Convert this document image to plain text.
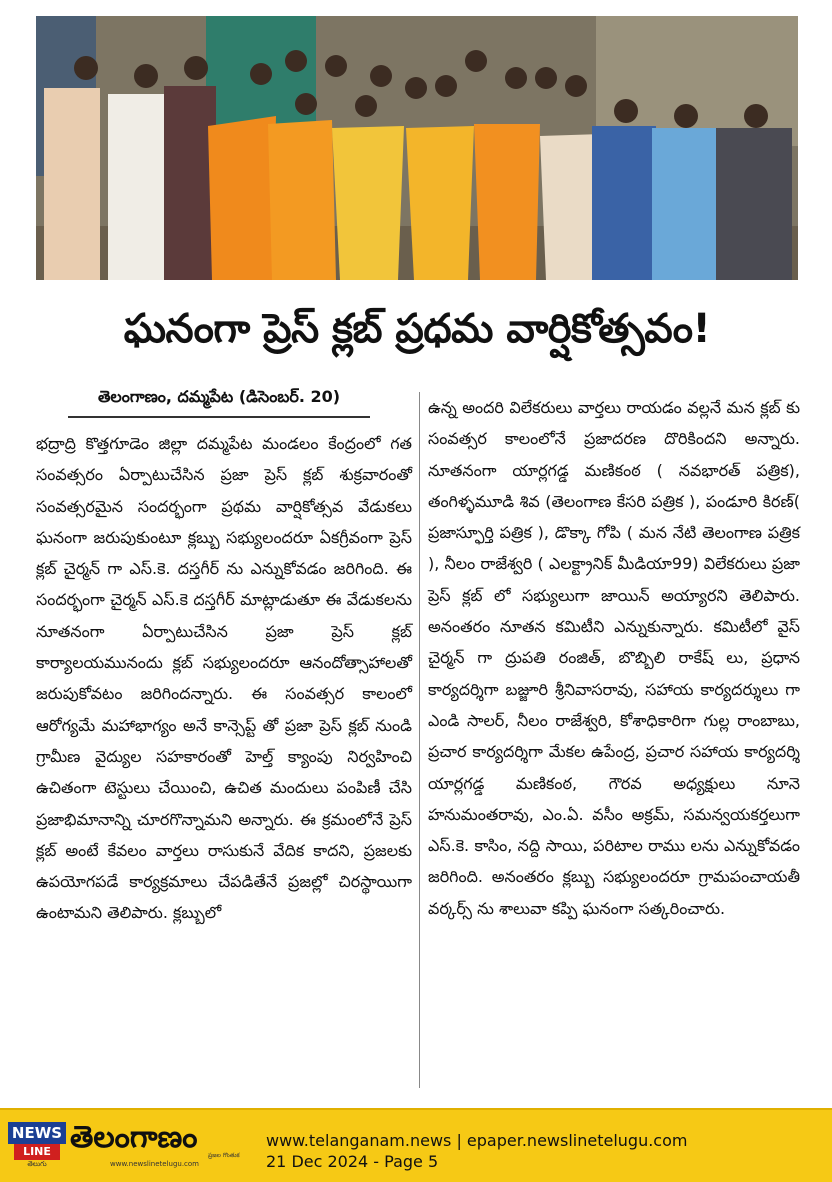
ఘనంగా ప్రెస్ క్లబ్ ప్రధమ వార్షికోత్సవం!
తెలంగాణం, దమ్మపేట (డిసెంబర్. 20)

భద్రాద్రి కొత్తగూడెం జిల్లా దమ్మపేట మండలం కేంద్రంలో గత సంవత్సరం ఏర్పాటుచేసిన ప్రజా ప్రెస్ క్లబ్ శుక్రవారంతో సంవత్సరమైన సందర్భంగా ప్రథమ వార్షికోత్సవ వేడుకలు ఘనంగా జరుపుకుంటూ క్లబ్బు సభ్యులందరూ ఏకగ్రీవంగా ప్రెస్ క్లబ్ చైర్మన్ గా ఎస్.కె. దస్తగీర్ ను ఎన్నుకోవడం జరిగింది. ఈ సందర్భంగా చైర్మన్ ఎస్.కె దస్తగీర్ మాట్లాడుతూ ఈ వేడుకలను నూతనంగా ఏర్పాటుచేసిన ప్రజా ప్రెస్ క్లబ్ కార్యాలయమునందు క్లబ్ సభ్యులందరూ ఆనందోత్సాహాలతో జరుపుకోవటం జరిగిందన్నారు. ఈ సంవత్సర కాలంలో ఆరోగ్యమే మహాభాగ్యం అనే కాన్సెప్ట్ తో ప్రజా ప్రెస్ క్లబ్ నుండి గ్రామీణ వైద్యుల సహకారంతో హెల్త్ క్యాంపు నిర్వహించి ఉచితంగా టెస్టులు చేయించి, ఉచిత మందులు పంపిణీ చేసి ప్రజాభిమానాన్ని చూరగొన్నామని అన్నారు. ఈ క్రమంలోనే ప్రెస్ క్లబ్ అంటే కేవలం వార్తలు రాసుకునే వేదిక కాదని, ప్రజలకు ఉపయోగపడే కార్యక్రమాలు చేపడితేనే ప్రజల్లో చిరస్థాయిగా ఉంటామని తెలిపారు. క్లబ్బులో

ఉన్న అందరి విలేకరులు వార్తలు రాయడం వల్లనే మన క్లబ్ కు సంవత్సర కాలంలోనే ప్రజాదరణ దొరికిందని అన్నారు. నూతనంగా యార్లగడ్డ మణికంఠ ( నవభారత్ పత్రిక), తంగిళ్ళమూడి శివ (తెలంగాణ కేసరి పత్రిక ), పండూరి కిరణ్( ప్రజాస్ఫూర్తి పత్రిక ), డొక్కా గోపి ( మన నేటి తెలంగాణ పత్రిక ), నీలం రాజేశ్వరి ( ఎలక్ట్రానిక్ మీడియా99) విలేకరులు ప్రజా ప్రెస్ క్లబ్ లో సభ్యులుగా జాయిన్ అయ్యారని తెలిపారు. అనంతరం నూతన కమిటీని ఎన్నుకున్నారు. కమిటీలో వైస్ చైర్మన్ గా ద్రుపతి రంజిత్, బొబ్బిలి రాకేష్ లు, ప్రధాన కార్యదర్శిగా బజ్జూరి శ్రీనివాసరావు, సహాయ కార్యదర్శులు గా ఎండి సాలర్, నీలం రాజేశ్వరి, కోశాధికారిగా గుల్ల రాంబాబు, ప్రచార కార్యదర్శిగా మేకల ఉపేంద్ర, ప్రచార సహాయ కార్యదర్శి యార్లగడ్డ మణికంఠ, గౌరవ అధ్యక్షులు నూనె హనుమంతరావు, ఎం.ఏ. వసీం అక్రమ్, సమన్వయకర్తలుగా ఎస్.కె. కాసిం, నద్ది సాయి, పరిటాల రాము లను ఎన్నుకోవడం జరిగింది. అనంతరం క్లబ్బు సభ్యులందరూ గ్రామపంచాయతీ వర్కర్స్ ను శాలువా కప్పి ఘనంగా సత్కరించారు.

NEWS
LINE
తెలుగు
తెలంగాణం
www.newslinetelugu.com
ప్రజల గొంతుక
www.telanganam.news | epaper.newslinetelugu.com
21 Dec 2024 - Page 5
